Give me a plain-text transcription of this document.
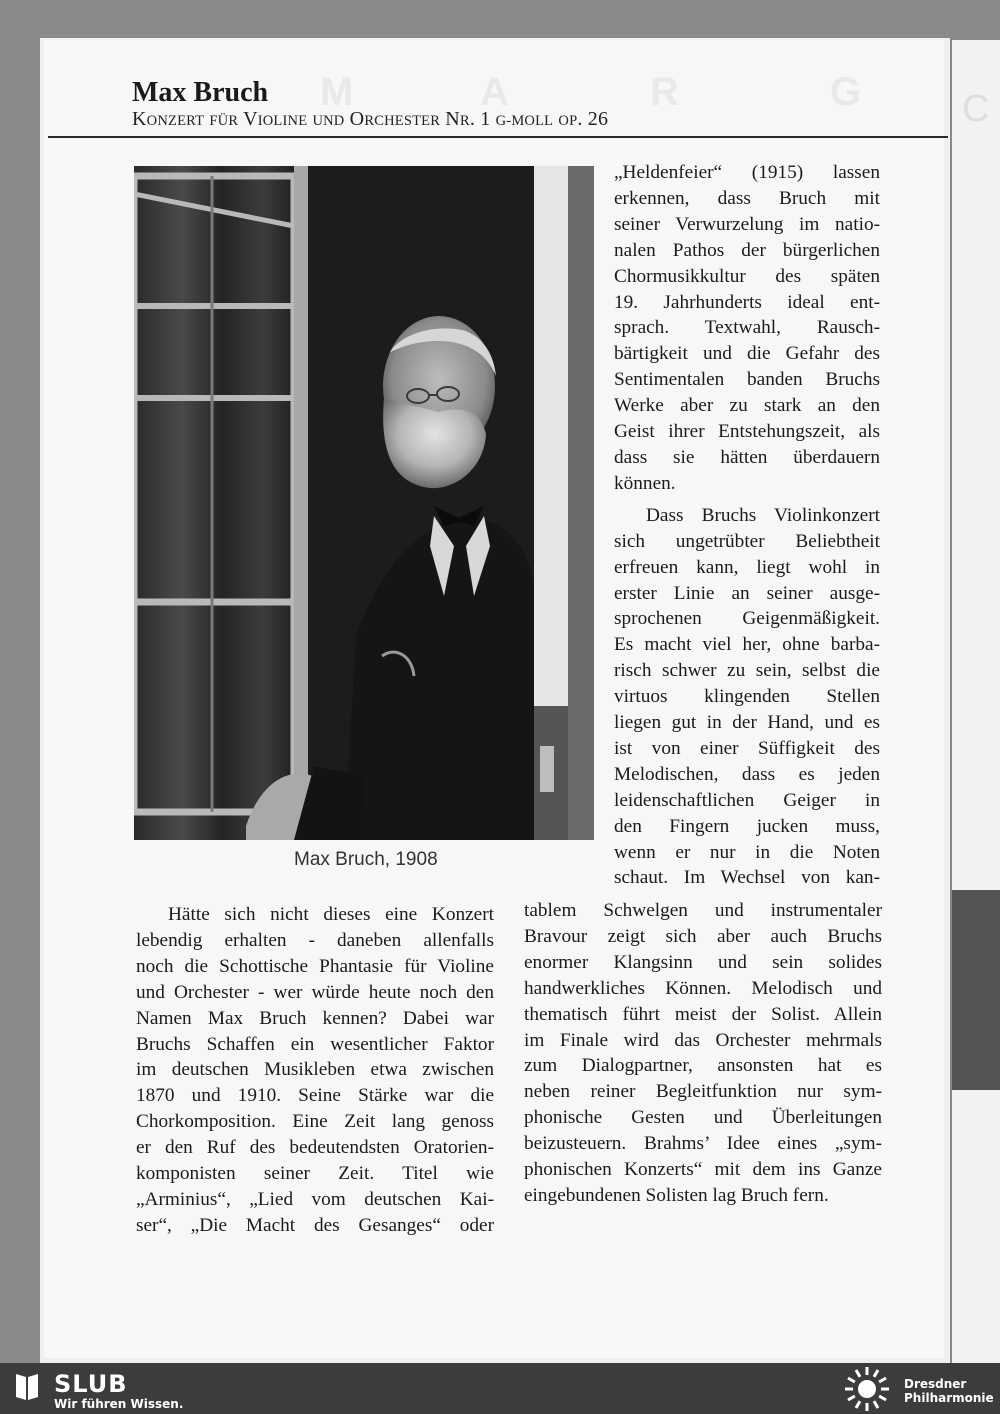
C
M	A	R	G
Max Bruch
KONZERT FÜR VIOLINE UND ORCHESTER NR. 1 G-MOLL OP. 26
Max Bruch, 1908
„Heldenfeier“ (1915) lassen
erkennen, dass Bruch mit
seiner Verwurzelung im natio-
nalen Pathos der bürgerlichen
Chormusikkultur des späten
19. Jahrhunderts ideal ent-
sprach. Textwahl, Rausch-
bärtigkeit und die Gefahr des
Sentimentalen banden Bruchs
Werke aber zu stark an den
Geist ihrer Entstehungszeit, als
dass sie hätten überdauern
können.
Dass Bruchs Violinkonzert
sich ungetrübter Beliebtheit
erfreuen kann, liegt wohl in
erster Linie an seiner ausge-
sprochenen Geigenmäßigkeit.
Es macht viel her, ohne barba-
risch schwer zu sein, selbst die
virtuos klingenden Stellen
liegen gut in der Hand, und es
ist von einer Süffigkeit des
Melodischen, dass es jeden
leidenschaftlichen Geiger in
den Fingern jucken muss,
wenn er nur in die Noten
schaut. Im Wechsel von kan-
tablem Schwelgen und instrumentaler
Bravour zeigt sich aber auch Bruchs
enormer Klangsinn und sein solides
handwerkliches Können. Melodisch und
thematisch führt meist der Solist. Allein
im Finale wird das Orchester mehrmals
zum Dialogpartner, ansonsten hat es
neben reiner Begleitfunktion nur sym-
phonische Gesten und Überleitungen
beizusteuern. Brahms’ Idee eines „sym-
phonischen Konzerts“ mit dem ins Ganze
eingebundenen Solisten lag Bruch fern.
Hätte sich nicht dieses eine Konzert
lebendig erhalten - daneben allenfalls
noch die Schottische Phantasie für Violine
und Orchester - wer würde heute noch den
Namen Max Bruch kennen? Dabei war
Bruchs Schaffen ein wesentlicher Faktor
im deutschen Musikleben etwa zwischen
1870 und 1910. Seine Stärke war die
Chorkomposition. Eine Zeit lang genoss
er den Ruf des bedeutendsten Oratorien-
komponisten seiner Zeit. Titel wie
„Arminius“, „Lied vom deutschen Kai-
ser“, „Die Macht des Gesanges“ oder
SLUB
Wir führen Wissen.
Dresdner
Philharmonie
